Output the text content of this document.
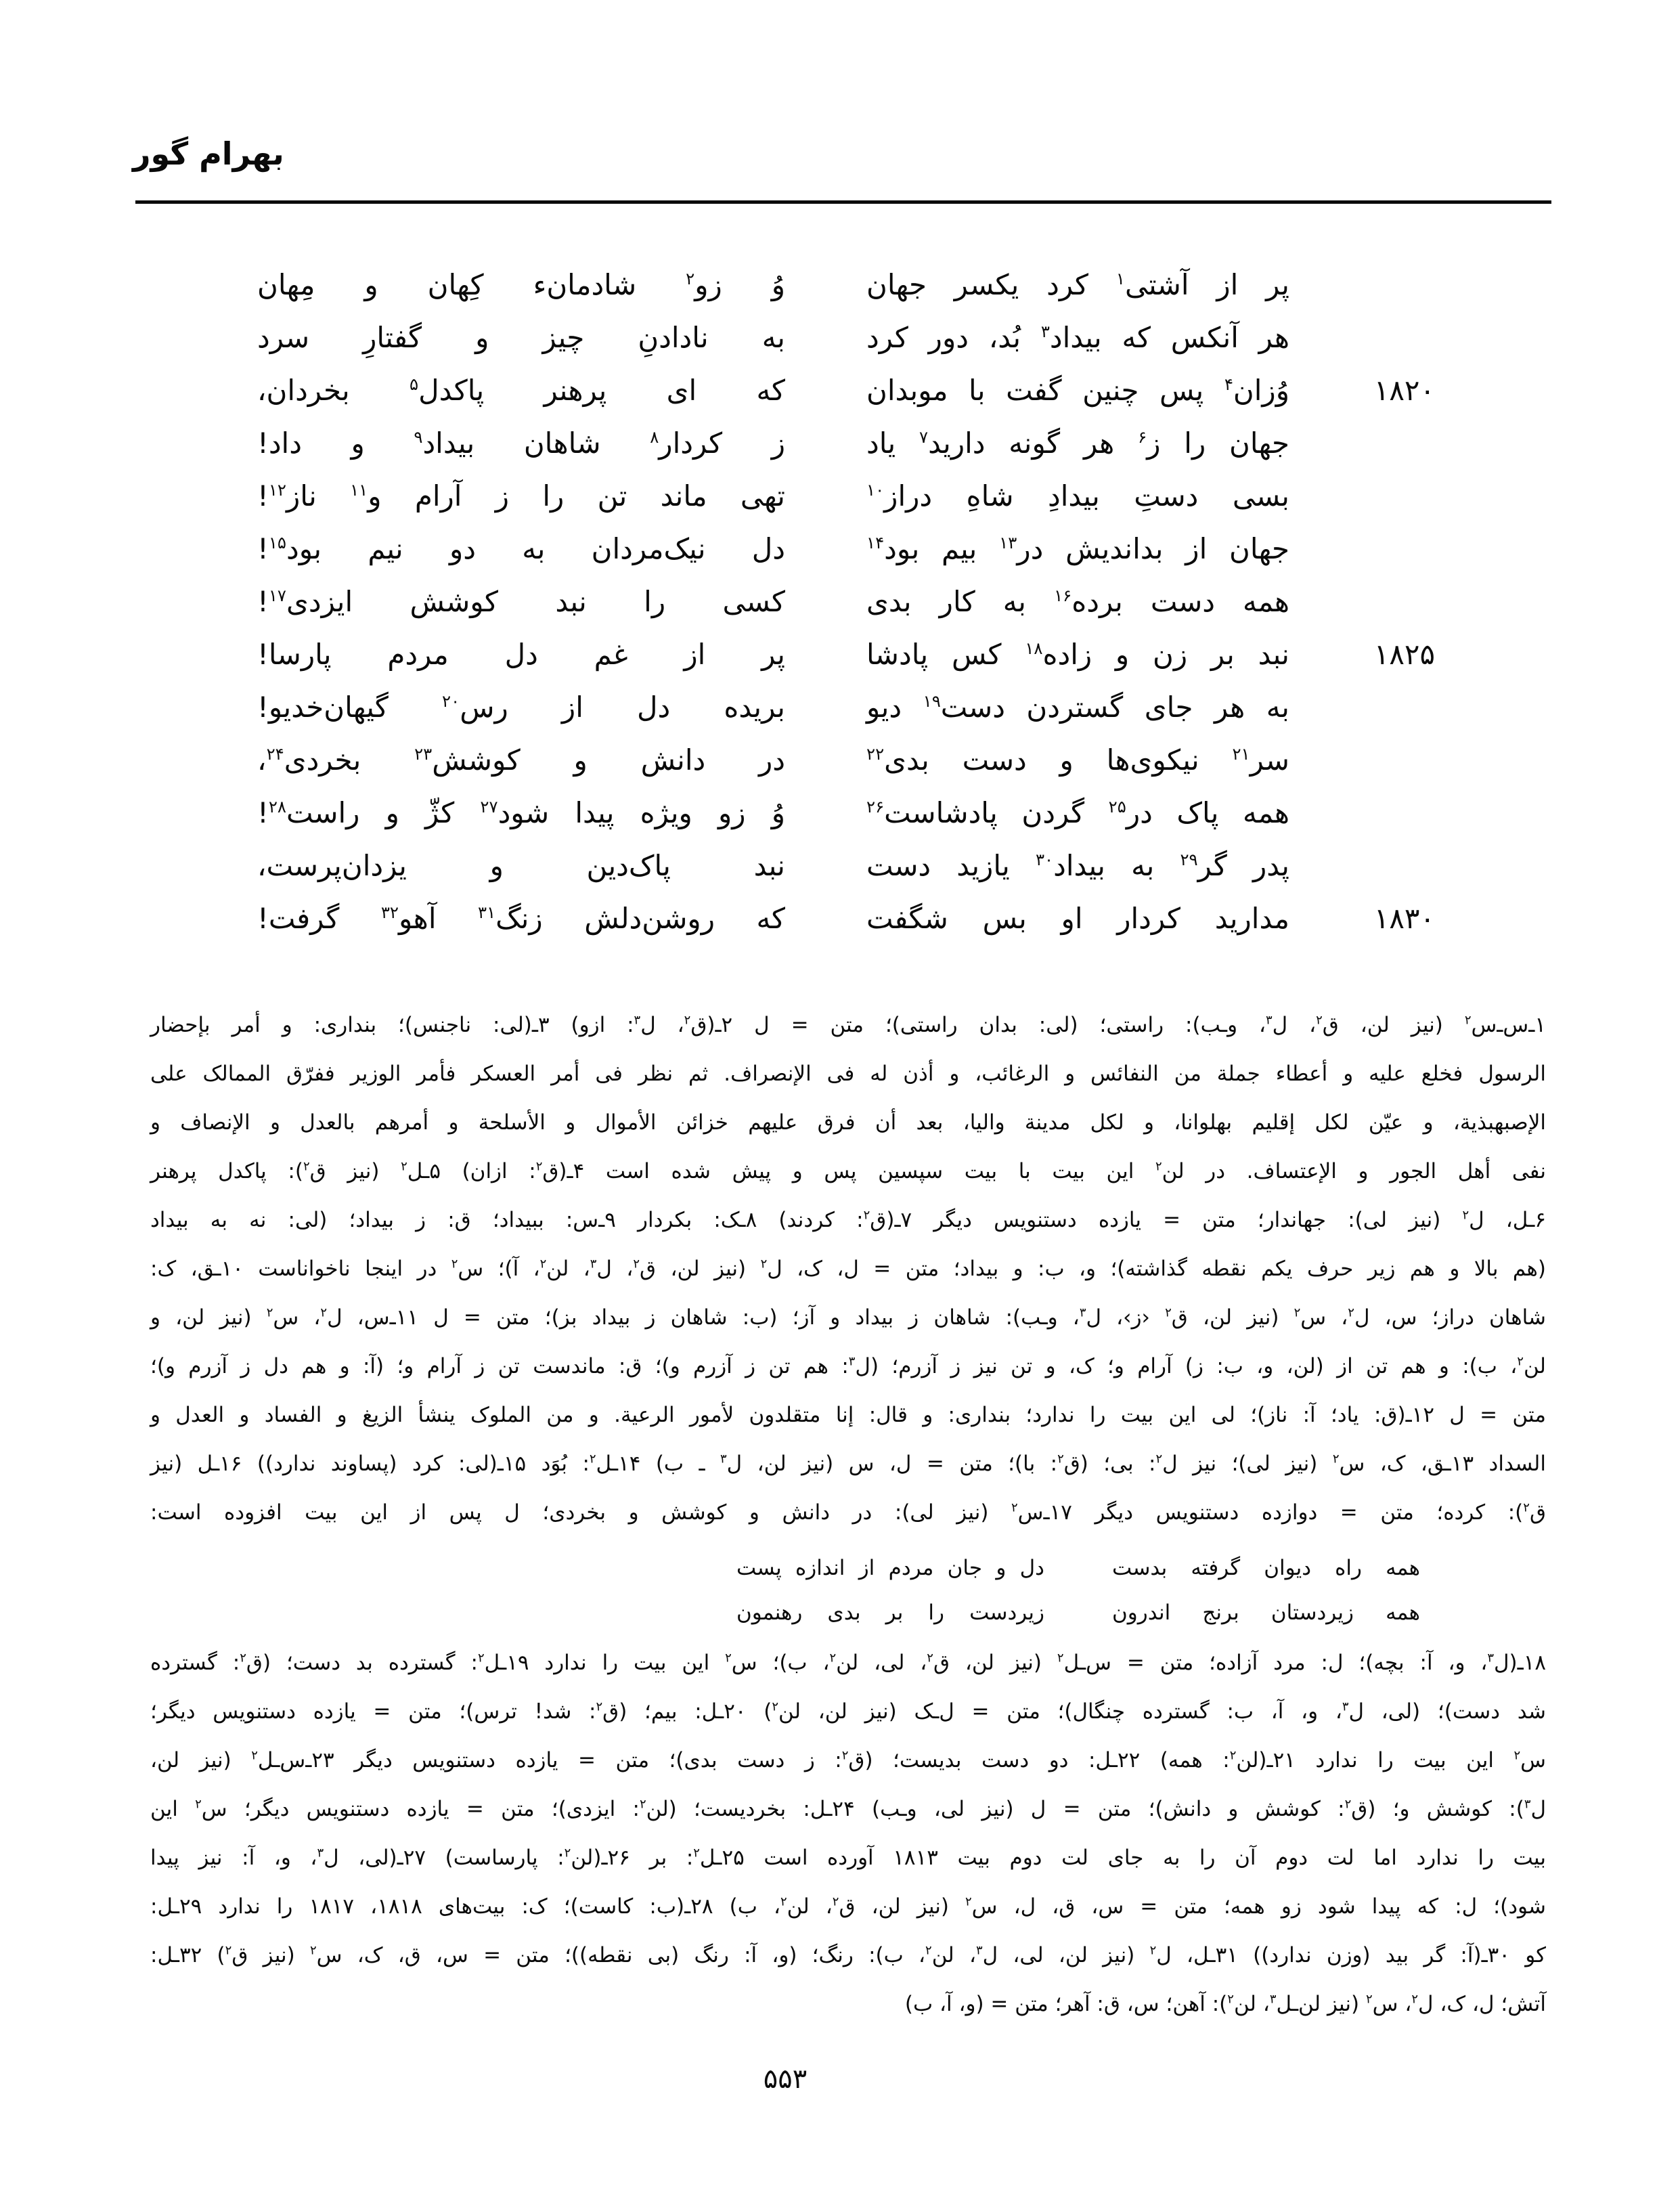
بهرام گور
پر از آشتی$^۱$ کرد یکسر جهان
وُ زو$^۲$ شادمانء کِهان و مِهان
هر آنکس که بیداد$^۳$ بُد، دور کرد
به نادادنِ چیز و گفتارِ سرد
۱۸۲۰
وُزان$^۴$ پس چنین گفت با موبدان
که ای پرهنر پاکدل$^۵$ بخردان،
جهان را ز$^۶$ هر گونه دارید$^۷$ یاد
ز کردار$^۸$ شاهان بیداد$^۹$ و داد!
بسی دستِ بیدادِ شاهِ دراز$^{۱۰}$
تهی ماند تن را ز آرام و$^{۱۱}$ ناز$^{۱۲}$!
جهان از بداندیش در$^{۱۳}$ بیم بود$^{۱۴}$
دل نیک‌مردان به دو نیم بود$^{۱۵}$!
همه دست برده$^{۱۶}$ به کار بدی
کسی را نبد کوشش ایزدی$^{۱۷}$!
۱۸۲۵
نبد بر زن و زاده$^{۱۸}$ کس پادشا
پر از غم دل مردم پارسا!
به هر جای گستردن دست$^{۱۹}$ دیو
بریده دل از رس$^{۲۰}$ گیهان‌خدیو!
سر$^{۲۱}$ نیکوی‌ها و دست بدی$^{۲۲}$
در دانش و کوشش$^{۲۳}$ بخردی$^{۲۴}$،
همه پاک در$^{۲۵}$ گردن پادشاست$^{۲۶}$
وُ زو ویژه پیدا شود$^{۲۷}$ کژّ و راست$^{۲۸}$!
پدر گر$^{۲۹}$ به بیداد$^{۳۰}$ یازید دست
نبد پاک‌دین و یزدان‌پرست،
۱۸۳۰
مدارید کردار او بس شگفت
که روشن‌دلش زنگ$^{۳۱}$ آهو$^{۳۲}$ گرفت!
۱ـ‌س‌ـ‌س$^۲$ (نیز لن، ق$^۲$، ل$^۳$، وـب): راستی؛ (لی: بدان راستی)؛ متن = ل ۲ـ(ق$^۲$، ل$^۳$: ازو) ۳ـ(لی: ناجنس)؛ بنداری: و أمر بإحضار
الرسول فخلع علیه و أعطاء جملة من النفائس و الرغائب، و أذن له فی الإنصراف. ثم نظر فی أمر العسکر فأمر الوزیر ففرّق الممالک علی
الإصبهبذیة، و عیّن لکل إقلیم بهلوانا، و لکل مدینة والیا، بعد أن فرق علیهم خزائن الأموال و الأسلحة و أمرهم بالعدل و الإنصاف و
نفی أهل الجور و الإعتساف. در لن$^۲$ این بیت با بیت سپسین پس و پیش شده است ۴ـ(ق$^۲$: ازان) ۵ـل$^۲$ (نیز ق$^۲$): پاکدل پرهنر
۶ـل، ل$^۲$ (نیز لی): جهاندار؛ متن = یازده دستنویس دیگر ۷ـ(ق$^۲$: کردند) ۸ـک: بکردار ۹ـ‌س: ببیداد؛ ق: ز بیداد؛ (لی: نه به بیداد
(هم بالا و هم زیر حرف یکم نقطه گذاشته)؛ و، ب: و بیداد؛ متن = ل، ک، ل$^۲$ (نیز لن، ق$^۲$، ل$^۳$، لن$^۲$، آ)؛ س$^۲$ در اینجا ناخواناست ۱۰ـق، ک:
شاهان دراز؛ س، ل$^۲$، س$^۲$ (نیز لن، ق$^۲$ ‹ز›، ل$^۳$، وـب): شاهان ز بیداد و آز؛ (ب: شاهان ز بیداد بز)؛ متن = ل ۱۱ـ‌س، ل$^۲$، س$^۲$ (نیز لن، و
لن$^۲$، ب): و هم تن از (لن، و، ب: ز) آرام و؛ ک، و تن نیز ز آزرم؛ (ل$^۳$: هم تن ز آزرم و)؛ ق: ماندست تن ز آرام و؛ (آ: و هم دل ز آزرم و)؛
متن = ل ۱۲ـ(ق: یاد؛ آ: ناز)؛ لی این بیت را ندارد؛ بنداری: و قال: إنا متقلدون لأمور الرعیة. و من الملوک ینشأ الزیغ و الفساد و العدل و
السداد ۱۳ـق، ک، س$^۲$ (نیز لی)؛ نیز ل$^۲$: بی؛ (ق$^۲$: با)؛ متن = ل، س (نیز لن، ل$^۳$ ـ ب) ۱۴ـل$^۲$: بُوَد ۱۵ـ(لی: کرد (پساوند ندارد)) ۱۶ـل (نیز
ق$^۲$): کرده؛ متن = دوازده دستنویس دیگر ۱۷ـ‌س$^۲$ (نیز لی): در دانش و کوشش و بخردی؛ ل پس از این بیت افزوده است:
همه راه دیوان گرفته بدست
دل و جان مردم از اندازه پست
همه زیردستان برنج اندرون
زیردست را بر بدی رهنمون
۱۸ـ(ل$^۳$، و، آ: بچه)؛ ل: مرد آزاده؛ متن = س‌ـل$^۲$ (نیز لن، ق$^۲$، لی، لن$^۲$، ب)؛ س$^۲$ این بیت را ندارد ۱۹ـل$^۲$: گسترده بد دست؛ (ق$^۲$: گسترده
شد دست)؛ (لی، ل$^۳$، و، آ، ب: گسترده چنگال)؛ متن = ل‌ـک (نیز لن، لن$^۲$) ۲۰ـل: بیم؛ (ق$^۲$: شد! ترس)؛ متن = یازده دستنویس دیگر؛
س$^۲$ این بیت را ندارد ۲۱ـ(لن$^۲$: همه) ۲۲ـل: دو دست بدیست؛ (ق$^۲$: ز دست بدی)؛ متن = یازده دستنویس دیگر ۲۳ـ‌س‌ـل$^۲$ (نیز لن،
ل$^۳$): کوشش و؛ (ق$^۲$: کوشش و دانش)؛ متن = ل (نیز لی، وـب) ۲۴ـل: بخردیست؛ (لن$^۲$: ایزدی)؛ متن = یازده دستنویس دیگر؛ س$^۲$ این
بیت را ندارد اما لت دوم آن را به جای لت دوم بیت ۱۸۱۳ آورده است ۲۵ـل$^۲$: بر ۲۶ـ(لن$^۲$: پارساست) ۲۷ـ(لی، ل$^۳$، و، آ: نیز پیدا
شود)؛ ل: که پیدا شود زو همه؛ متن = س، ق، ل، س$^۲$ (نیز لن، ق$^۲$، لن$^۲$، ب) ۲۸ـ(ب: کاست)؛ ک: بیت‌های ۱۸۱۸، ۱۸۱۷ را ندارد ۲۹ـل:
کو ۳۰ـ(آ: گر بید (وزن ندارد)) ۳۱ـل، ل$^۲$ (نیز لن، لی، ل$^۳$، لن$^۲$، ب): رنگ؛ (و، آ: رنگ (بی نقطه))؛ متن = س، ق، ک، س$^۲$ (نیز ق$^۲$) ۳۲ـل:
آتش؛ ل، ک، ل$^۲$، س$^۲$ (نیز لن‌ـل$^۳$، لن$^۲$): آهن؛ س، ق: آهر؛ متن = (و، آ، ب)
۵۵۳
